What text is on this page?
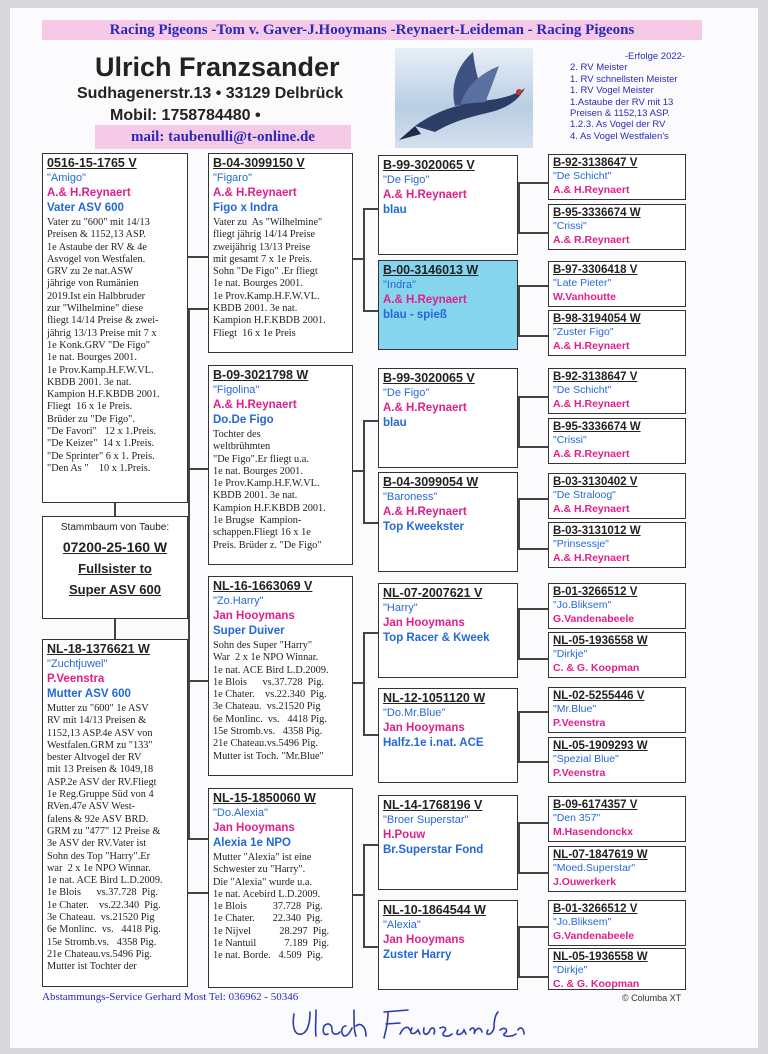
Racing Pigeons -Tom v. Gaver-J.Hooymans -Reynaert-Leideman - Racing Pigeons
Ulrich Franzsander
Sudhagenerstr.13 • 33129 Delbrück
Mobil: 1758784480 •
mail: taubenulli@t-online.de
-Erfolge 2022-
2. RV Meister
1. RV schnellsten Meister
1. RV Vogel Meister
1.Astaube der RV mit 13
Preisen & 1152,13 ASP.
1.2.3. As Vogel der RV
4. As Vogel Westfalen's
Stammbaum von Taube:
07200-25-160 W
Fullsister to
Super ASV 600
0516-15-1765 V
"Amigo"
A.& H.Reynaert
Vater ASV 600
Vater zu "600" mit 14/13
Preisen & 1152,13 ASP.
1e Astaube der RV & 4e
Asvogel von Westfalen.
GRV zu 2e nat.ASW
jährige von Rumänien
2019.Ist ein Halbbruder
zur "Wilhelmine" diese
fliegt 14/14 Preise & zwei-
jährig 13/13 Preise mit 7 x
1e Konk.GRV "De Figo"
1e nat. Bourges 2001.
1e Prov.Kamp.H.F.W.VL.
KBDB 2001. 3e nat.
Kampion H.F.KBDB 2001.
Fliegt  16 x 1e Preis.
Brüder zu "De Figo".
"De Favori"   12 x 1.Preis.
"De Keizer"  14 x 1.Preis.
"De Sprinter" 6 x 1. Preis.
"Den As "    10 x 1.Preis.
NL-18-1376621 W
"Zuchtjuwel"
P.Veenstra
Mutter ASV 600
Mutter zu "600" 1e ASV
RV mit 14/13 Preisen &
1152,13 ASP.4e ASV von
Westfalen.GRM zu "133"
bester Altvogel der RV
mit 13 Preisen & 1049,18
ASP.2e ASV der RV.Fliegt
1e Reg.Gruppe Süd von 4
RVen.47e ASV West-
falens & 92e ASV BRD.
GRM zu "477" 12 Preise &
3e ASV der RV.Vater ist
Sohn des Top "Harry".Er
war  2 x 1e NPO Winnar.
1e nat. ACE Bird L.D.2009.
1e Blois      vs.37.728  Pig.
1e Chater.    vs.22.340  Pig.
3e Chateau.  vs.21520 Pig
6e Monlinc.  vs.   4418 Pig.
15e Stromb.vs.   4358 Pig.
21e Chateau.vs.5496 Pig.
Mutter ist Tochter der
B-04-3099150 V
"Figaro"
A.& H.Reynaert
Figo x Indra
Vater zu  As "Wilhelmine"
fliegt jährig 14/14 Preise
zweijährig 13/13 Preise
mit gesamt 7 x 1e Preis.
Sohn "De Figo" .Er fliegt
1e nat. Bourges 2001.
1e Prov.Kamp.H.F.W.VL.
KBDB 2001. 3e nat.
Kampion H.F.KBDB 2001.
Fliegt  16 x 1e Preis
B-09-3021798 W
"Figolina"
A.& H.Reynaert
Do.De Figo
Tochter des
weltbrühmten
"De Figo".Er fliegt u.a.
1e nat. Bourges 2001.
1e Prov.Kamp.H.F.W.VL.
KBDB 2001. 3e nat.
Kampion H.F.KBDB 2001.
1e Brugse  Kampion-
schappen.Fliegt 16 x 1e
Preis. Brüder z. "De Figo"
NL-16-1663069 V
"Zo.Harry"
Jan Hooymans
Super Duiver
Sohn des Super "Harry"
War  2 x 1e NPO Winnar.
1e nat. ACE Bird L.D.2009.
1e Blois      vs.37.728  Pig.
1e Chater.    vs.22.340  Pig.
3e Chateau.  vs.21520 Pig
6e Monlinc.  vs.   4418 Pig.
15e Stromb.vs.   4358 Pig.
21e Chateau.vs.5496 Pig.
Mutter ist Toch. "Mr.Blue"
NL-15-1850060 W
"Do.Alexia"
Jan Hooymans
Alexia 1e NPO
Mutter "Alexia" ist eine
Schwester zu "Harry".
Die "Alexia" wurde u.a.
1e nat. Acebird L.D.2009.
1e Blois          37.728  Pig.
1e Chater.       22.340  Pig.
1e Nijvel           28.297  Pig.
1e Nantuil           7.189  Pig.
1e nat. Borde.   4.509  Pig.
B-99-3020065 V
"De Figo"
A.& H.Reynaert
blau
B-00-3146013 W
"Indra"
A.& H.Reynaert
blau - spieß
B-99-3020065 V
"De Figo"
A.& H.Reynaert
blau
B-04-3099054 W
"Baroness"
A.& H.Reynaert
Top Kweekster
NL-07-2007621 V
"Harry"
Jan Hooymans
Top Racer & Kweek
NL-12-1051120 W
"Do.Mr.Blue"
Jan Hooymans
Halfz.1e i.nat. ACE
NL-14-1768196 V
"Broer Superstar"
H.Pouw
Br.Superstar Fond
NL-10-1864544 W
"Alexia"
Jan Hooymans
Zuster Harry
B-92-3138647 V
"De Schicht"
A.& H.Reynaert
B-95-3336674 W
"Crissi"
A.& R.Reynaert
B-97-3306418 V
"Late Pieter"
W.Vanhoutte
B-98-3194054 W
"Zuster Figo"
A.& H.Reynaert
B-92-3138647 V
"De Schicht"
A.& H.Reynaert
B-95-3336674 W
"Crissi"
A.& R.Reynaert
B-03-3130402 V
"De Straloog"
A.& H.Reynaert
B-03-3131012 W
"Prinsessje"
A.& H.Reynaert
B-01-3266512 V
"Jo.Bliksem"
G.Vandenabeele
NL-05-1936558 W
"Dirkje"
C. & G. Koopman
NL-02-5255446 V
"Mr.Blue"
P.Veenstra
NL-05-1909293 W
"Spezial Blue"
P.Veenstra
B-09-6174357 V
"Den 357"
M.Hasendonckx
NL-07-1847619 W
"Moed.Superstar"
J.Ouwerkerk
B-01-3266512 V
"Jo.Bliksem"
G.Vandenabeele
NL-05-1936558 W
"Dirkje"
C. & G. Koopman
Abstammungs-Service Gerhard Most Tel: 036962 - 50346	© Columba XT
